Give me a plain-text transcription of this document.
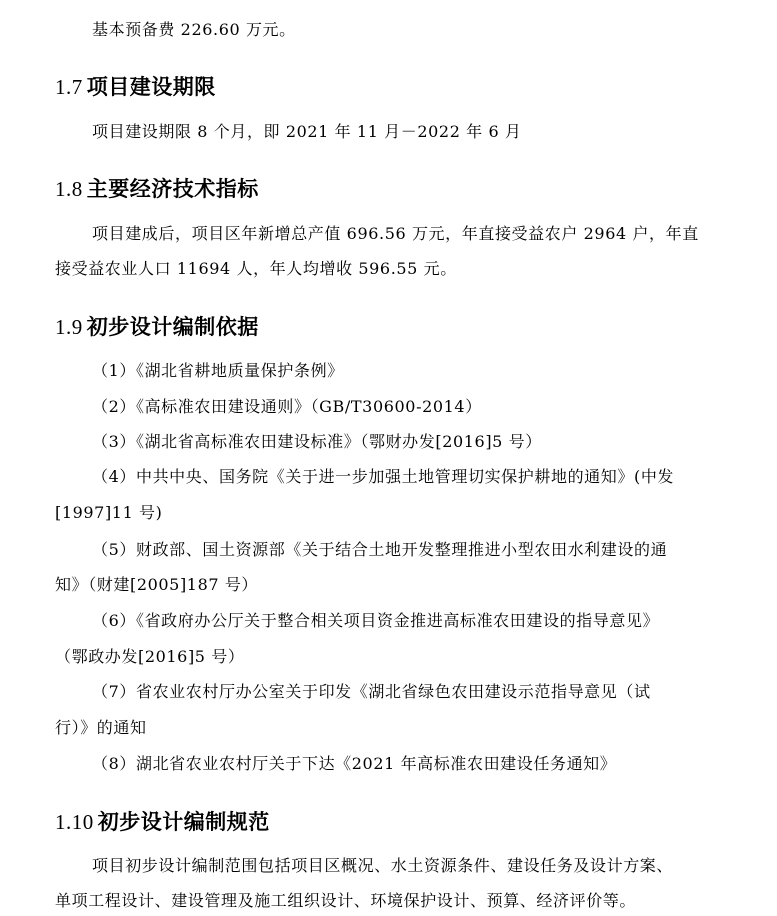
基本预备费 226.60 万元。
1.7 项目建设期限
项目建设期限 8 个月，即 2021 年 11 月－2022 年 6 月
1.8 主要经济技术指标
项目建成后，项目区年新增总产值 696.56 万元，年直接受益农户 2964 户，年直
接受益农业人口 11694 人，年人均增收 596.55 元。
1.9 初步设计编制依据
（1）《湖北省耕地质量保护条例》
（2）《高标准农田建设通则》（GB/T30600-2014）
（3）《湖北省高标准农田建设标准》（鄂财办发[2016]5 号）
（4）中共中央、国务院《关于进一步加强土地管理切实保护耕地的通知》(中发
[1997]11 号)
（5）财政部、国土资源部《关于结合土地开发整理推进小型农田水利建设的通
知》（财建[2005]187 号）
（6）《省政府办公厅关于整合相关项目资金推进高标准农田建设的指导意见》
（鄂政办发[2016]5 号）
（7）省农业农村厅办公室关于印发《湖北省绿色农田建设示范指导意见（试
行）》的通知
（8）湖北省农业农村厅关于下达《2021 年高标准农田建设任务通知》
1.10 初步设计编制规范
项目初步设计编制范围包括项目区概况、水土资源条件、建设任务及设计方案、
单项工程设计、建设管理及施工组织设计、环境保护设计、预算、经济评价等。
